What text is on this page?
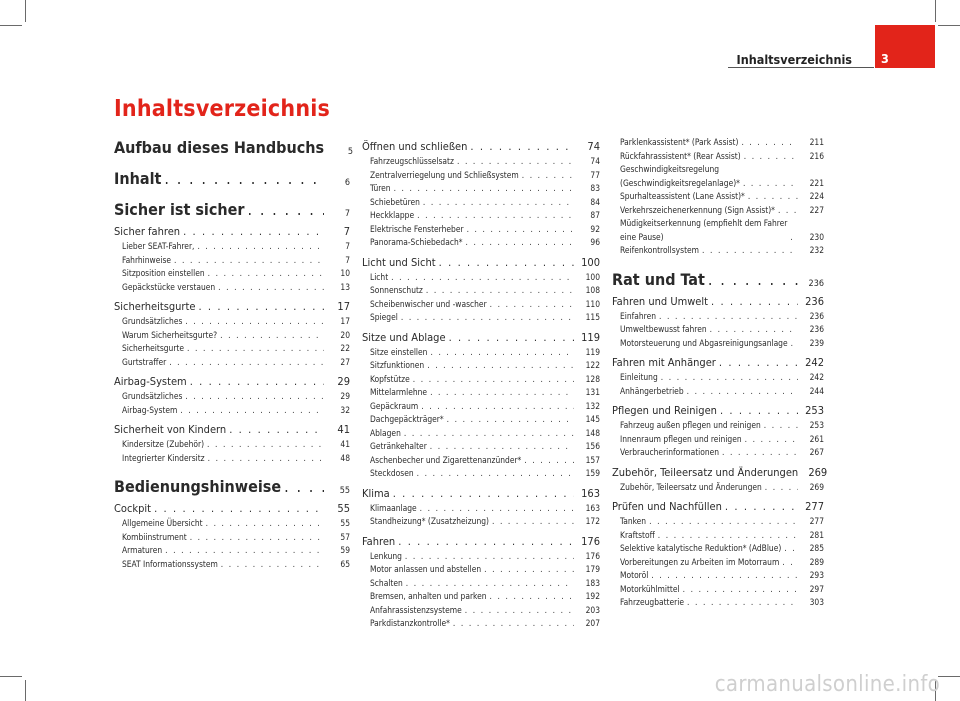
Inhaltsverzeichnis	3
Inhaltsverzeichnis
Aufbau dieses Handbuchs	5
Inhalt . . .	6
Sicher ist sicher . . .	7
Sicher fahren . . .	7
Lieber SEAT-Fahrer, . . .	7
Fahrhinweise . . .	7
Sitzposition einstellen . . .	10
Gepäckstücke verstauen . . .	13
Sicherheitsgurte . . .	17
Grundsätzliches . . .	17
Warum Sicherheitsgurte? . . .	20
Sicherheitsgurte . . .	22
Gurtstraffer . . .	27
Airbag-System . . .	29
Grundsätzliches . . .	29
Airbag-System . . .	32
Sicherheit von Kindern . . .	41
Kindersitze (Zubehör) . . .	41
Integrierter Kindersitz . . .	48
Bedienungshinweise . . .	55
Cockpit . . .	55
Allgemeine Übersicht . . .	55
Kombiinstrument . . .	57
Armaturen . . .	59
SEAT Informationssystem . . .	65
Öffnen und schließen . . .	74
Fahrzeugschlüsselsatz . . .	74
Zentralverriegelung und Schließsystem . . .	77
Türen . . .	83
Schiebetüren . . .	84
Heckklappe . . .	87
Elektrische Fensterheber . . .	92
Panorama-Schiebedach* . . .	96
Licht und Sicht . . .	100
Licht . . .	100
Sonnenschutz . . .	108
Scheibenwischer und -wascher . . .	110
Spiegel . . .	115
Sitze und Ablage . . .	119
Sitze einstellen . . .	119
Sitzfunktionen . . .	122
Kopfstütze . . .	128
Mittelarmlehne . . .	131
Gepäckraum . . .	132
Dachgepäckträger* . . .	145
Ablagen . . .	148
Getränkehalter . . .	156
Aschenbecher und Zigarettenanzünder* . . .	157
Steckdosen . . .	159
Klima . . .	163
Klimaanlage . . .	163
Standheizung* (Zusatzheizung) . . .	172
Fahren . . .	176
Lenkung . . .	176
Motor anlassen und abstellen . . .	179
Schalten . . .	183
Bremsen, anhalten und parken . . .	192
Anfahrassistenzsysteme . . .	203
Parkdistanzkontrolle* . . .	207
Parklenkassistent* (Park Assist) . . .	211
Rückfahrassistent* (Rear Assist) . . .	216
Geschwindigkeitsregelung
(Geschwindigkeitsregelanlage)* . . .	221
Spurhalteassistent (Lane Assist)* . . .	224
Verkehrszeichenerkennung (Sign Assist)* . . .	227
Müdigkeitserkennung (empfiehlt dem Fahrer
eine Pause) . . .	230
Reifenkontrollsystem . . .	232
Rat und Tat . . .	236
Fahren und Umwelt . . .	236
Einfahren . . .	236
Umweltbewusst fahren . . .	236
Motorsteuerung und Abgasreinigungsanlage . . .	239
Fahren mit Anhänger . . .	242
Einleitung . . .	242
Anhängerbetrieb . . .	244
Pflegen und Reinigen . . .	253
Fahrzeug außen pflegen und reinigen . . .	253
Innenraum pflegen und reinigen . . .	261
Verbraucherinformationen . . .	267
Zubehör, Teileersatz und Änderungen 269
Zubehör, Teileersatz und Änderungen . . .	269
Prüfen und Nachfüllen . . .	277
Tanken . . .	277
Kraftstoff . . .	281
Selektive katalytische Reduktion* (AdBlue) . . .	285
Vorbereitungen zu Arbeiten im Motorraum . . .	289
Motoröl . . .	293
Motorkühlmittel . . .	297
Fahrzeugbatterie . . .	303
carmanualsonline.info
